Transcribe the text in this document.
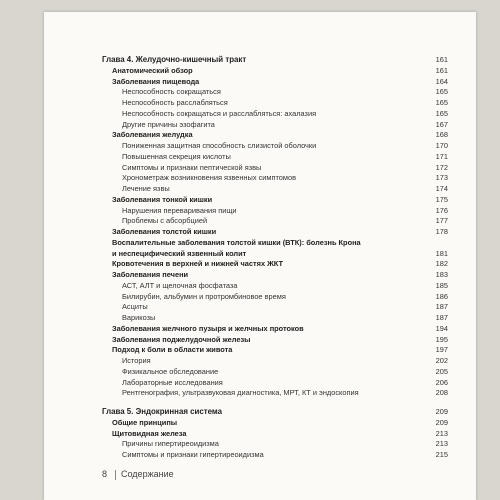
Глава 4. Желудочно-кишечный тракт	161
Анатомический обзор	161
Заболевания пищевода	164
Неспособность сокращаться	165
Неспособность расслабляться	165
Неспособность сокращаться и расслабляться: ахалазия	165
Другие причины эзофагита	167
Заболевания желудка	168
Пониженная защитная способность слизистой оболочки	170
Повышенная секреция кислоты	171
Симптомы и признаки пептической язвы	172
Хронометраж возникновения язвенных симптомов	173
Лечение язвы	174
Заболевания тонкой кишки	175
Нарушения переваривания пищи	176
Проблемы с абсорбцией	177
Заболевания толстой кишки	178
Воспалительные заболевания толстой кишки (ВТК): болезнь Крона
и неспецифический язвенный колит	181
Кровотечения в верхней и нижней частях ЖКТ	182
Заболевания печени	183
АСТ, АЛТ и щелочная фосфатаза	185
Билирубин, альбумин и протромбиновое время	186
Асциты	187
Варикозы	187
Заболевания желчного пузыря и желчных протоков	194
Заболевания поджелудочной железы	195
Подход к боли в области живота	197
История	202
Физикальное обследование	205
Лабораторные исследования	206
Рентгенография, ультразвуковая диагностика, МРТ, КТ и эндоскопия	208
Глава 5. Эндокринная система	209
Общие принципы	209
Щитовидная железа	213
Причины гипертиреоидизма	213
Симптомы и признаки гипертиреоидизма	215
8 Содержание
